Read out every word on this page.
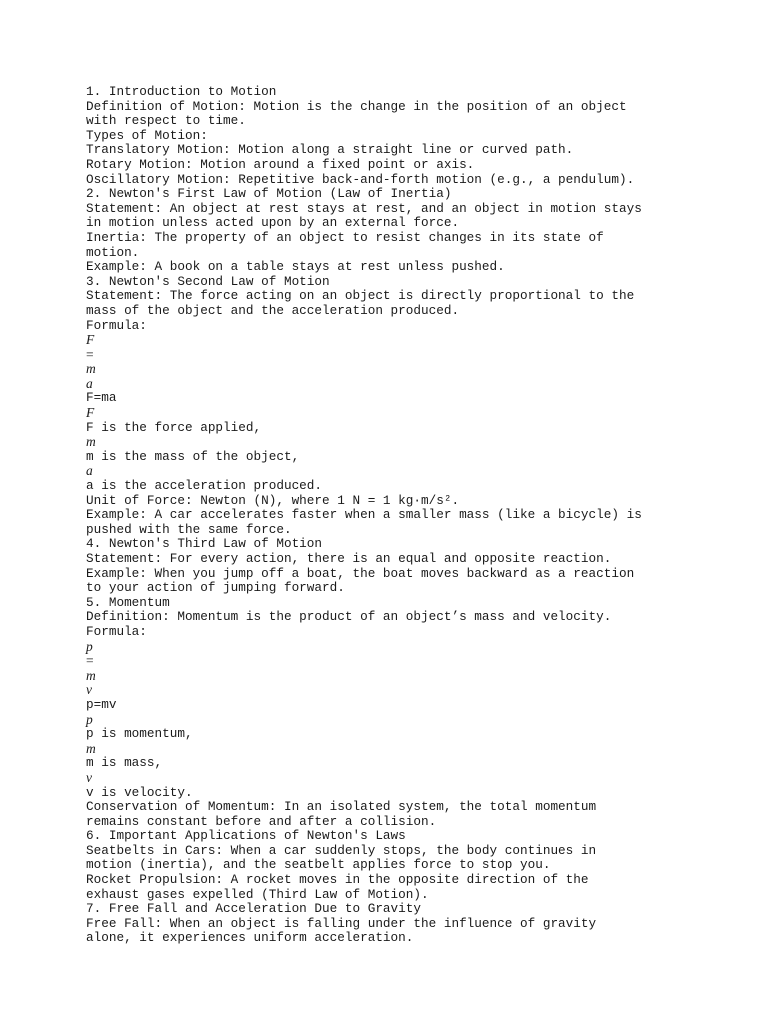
1. Introduction to Motion
Definition of Motion: Motion is the change in the position of an object
with respect to time.
Types of Motion:
Translatory Motion: Motion along a straight line or curved path.
Rotary Motion: Motion around a fixed point or axis.
Oscillatory Motion: Repetitive back-and-forth motion (e.g., a pendulum).
2. Newton's First Law of Motion (Law of Inertia)
Statement: An object at rest stays at rest, and an object in motion stays
in motion unless acted upon by an external force.
Inertia: The property of an object to resist changes in its state of
motion.
Example: A book on a table stays at rest unless pushed.
3. Newton's Second Law of Motion
Statement: The force acting on an object is directly proportional to the
mass of the object and the acceleration produced.
Formula:
F
=
m
a
F=ma
F
F is the force applied,
m
m is the mass of the object,
a
a is the acceleration produced.
Unit of Force: Newton (N), where 1 N = 1 kg·m/s².
Example: A car accelerates faster when a smaller mass (like a bicycle) is
pushed with the same force.
4. Newton's Third Law of Motion
Statement: For every action, there is an equal and opposite reaction.
Example: When you jump off a boat, the boat moves backward as a reaction
to your action of jumping forward.
5. Momentum
Definition: Momentum is the product of an object’s mass and velocity.
Formula:
p
=
m
v
p=mv
p
p is momentum,
m
m is mass,
v
v is velocity.
Conservation of Momentum: In an isolated system, the total momentum
remains constant before and after a collision.
6. Important Applications of Newton's Laws
Seatbelts in Cars: When a car suddenly stops, the body continues in
motion (inertia), and the seatbelt applies force to stop you.
Rocket Propulsion: A rocket moves in the opposite direction of the
exhaust gases expelled (Third Law of Motion).
7. Free Fall and Acceleration Due to Gravity
Free Fall: When an object is falling under the influence of gravity
alone, it experiences uniform acceleration.
